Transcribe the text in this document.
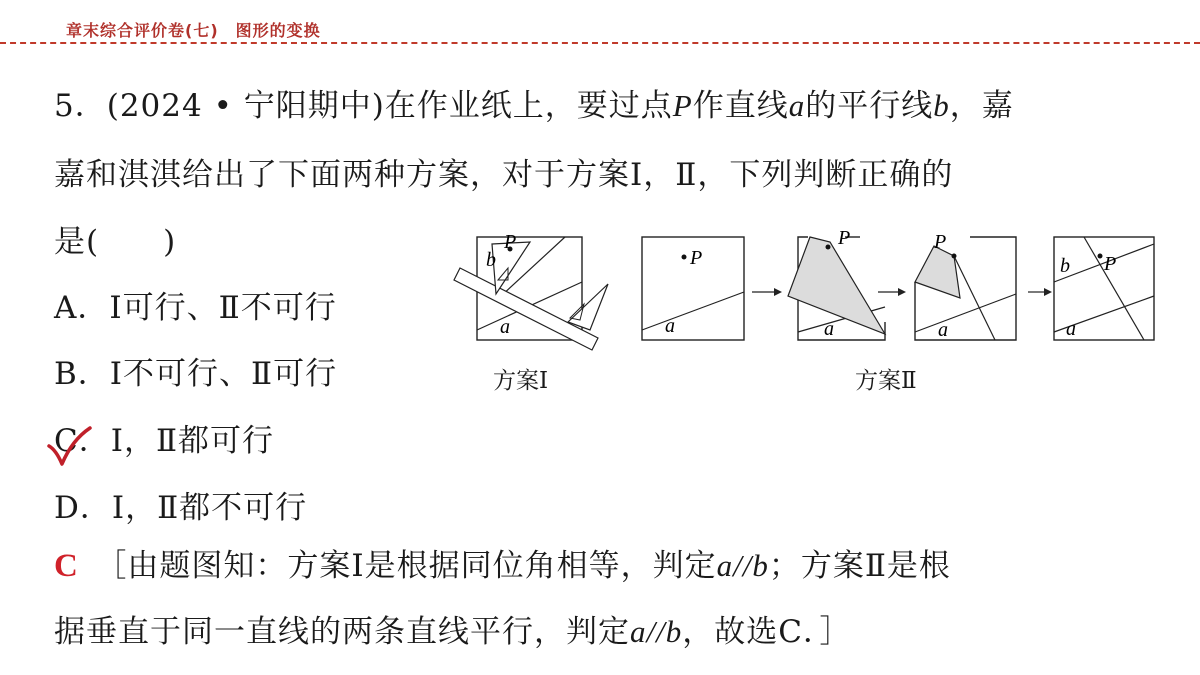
章末综合评价卷(七)　图形的变换
5．(2024 • 宁阳期中)在作业纸上，要过点P作直线a的平行线b，嘉
嘉和淇淇给出了下面两种方案，对于方案Ⅰ，Ⅱ，下列判断正确的
是(　　)
A．Ⅰ可行、Ⅱ不可行
B．Ⅰ不可行、Ⅱ可行
C．Ⅰ，Ⅱ都可行
D．Ⅰ，Ⅱ都不可行
C　 ［由题图知：方案Ⅰ是根据同位角相等，判定a//b；方案Ⅱ是根
据垂直于同一直线的两条直线平行，判定a//b，故选C．］
P
b
a
P
a
P
a
P
a
P
b
a
方案Ⅰ	方案Ⅱ
